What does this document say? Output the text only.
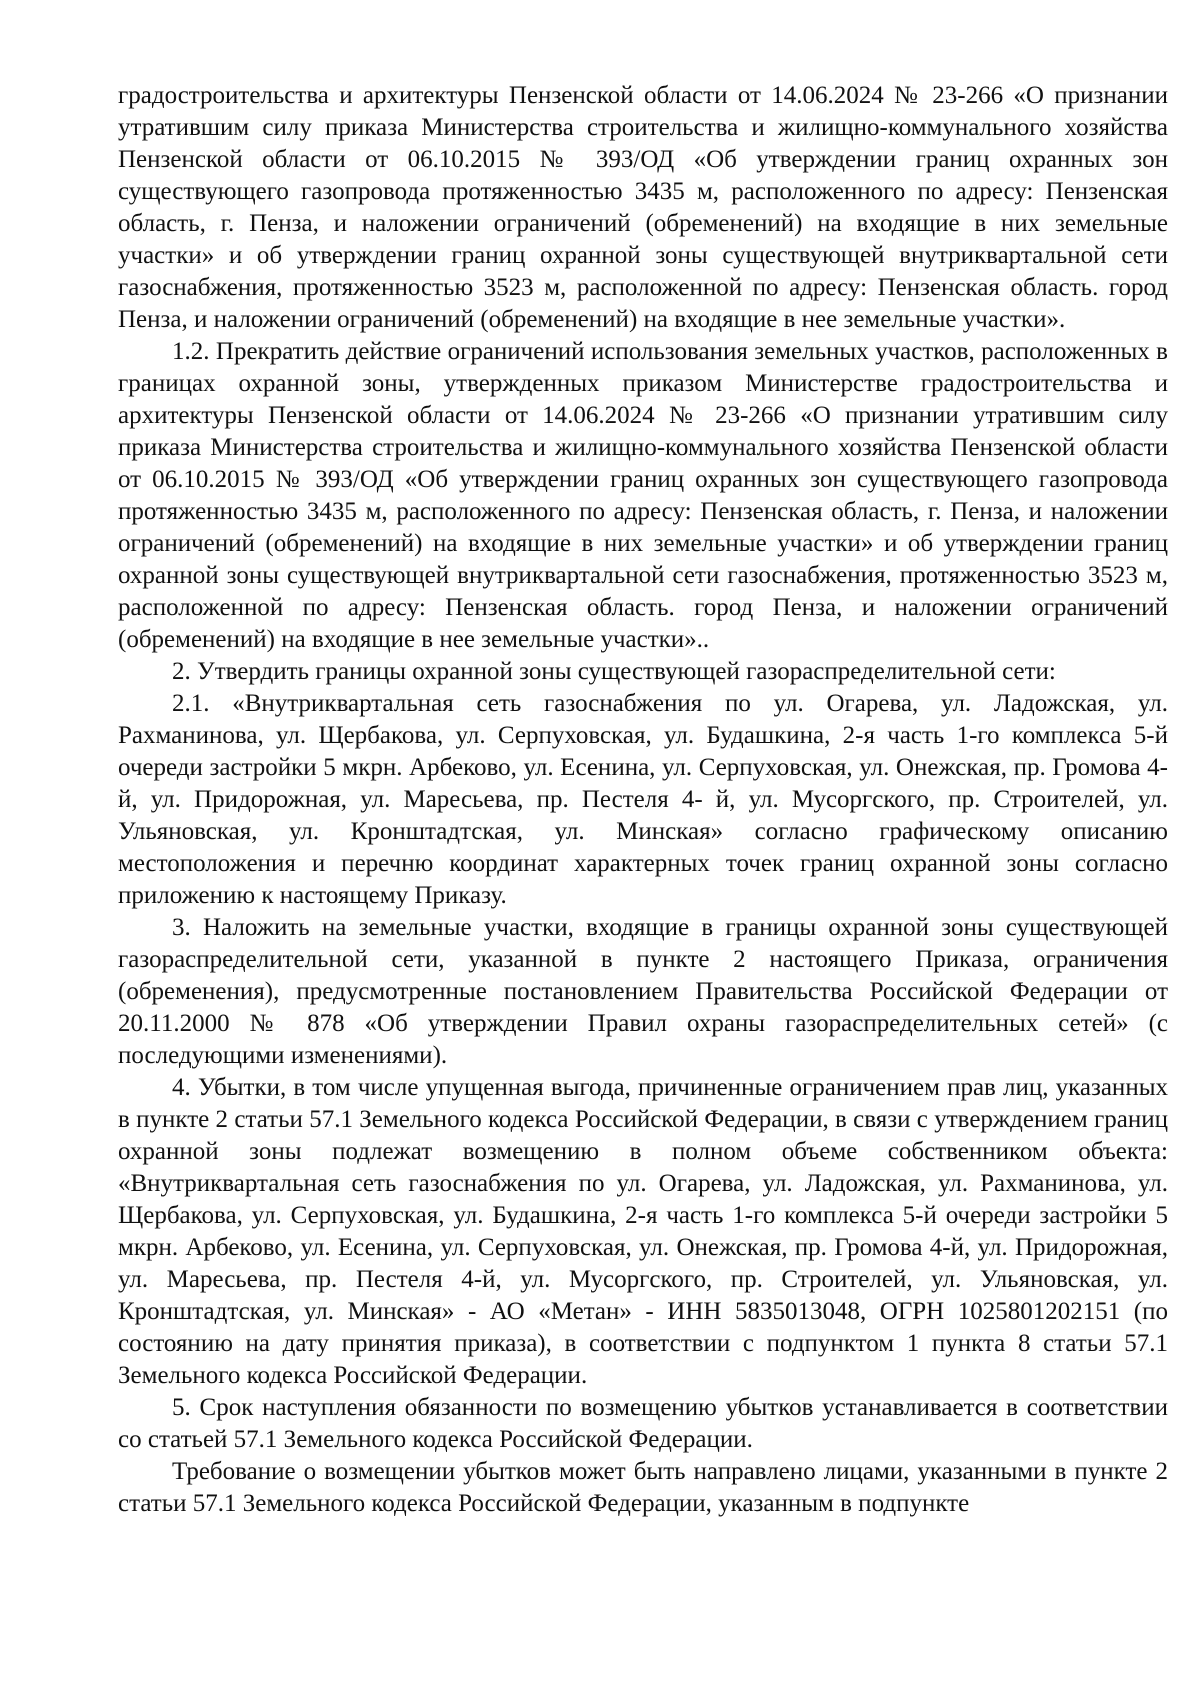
градостроительства и архитектуры Пензенской области от 14.06.2024 № 23-266 «О признании утратившим силу приказа Министерства строительства и жилищно-коммунального хозяйства Пензенской области от 06.10.2015 № 393/ОД «Об утверждении границ охранных зон существующего газопровода протяженностью 3435 м, расположенного по адресу: Пензенская область, г. Пенза, и наложении ограничений (обременений) на входящие в них земельные участки» и об утверждении границ охранной зоны существующей внутриквартальной сети газоснабжения, протяженностью 3523 м, расположенной по адресу: Пензенская область. город Пенза, и наложении ограничений (обременений) на входящие в нее земельные участки».

1.2. Прекратить действие ограничений использования земельных участков, расположенных в границах охранной зоны, утвержденных приказом Министерстве градостроительства и архитектуры Пензенской области от 14.06.2024 № 23-266 «О признании утратившим силу приказа Министерства строительства и жилищно-коммунального хозяйства Пензенской области от 06.10.2015 № 393/ОД «Об утверждении границ охранных зон существующего газопровода протяженностью 3435 м, расположенного по адресу: Пензенская область, г. Пенза, и наложении ограничений (обременений) на входящие в них земельные участки» и об утверждении границ охранной зоны существующей внутриквартальной сети газоснабжения, протяженностью 3523 м, расположенной по адресу: Пензенская область. город Пенза, и наложении ограничений (обременений) на входящие в нее земельные участки»..

2. Утвердить границы охранной зоны существующей газораспределительной сети:

2.1. «Внутриквартальная сеть газоснабжения по ул. Огарева, ул. Ладожская, ул. Рахманинова, ул. Щербакова, ул. Серпуховская, ул. Будашкина, 2-я часть 1-го комплекса 5-й очереди застройки 5 мкрн. Арбеково, ул. Есенина, ул. Серпуховская, ул. Онежская, пр. Громова 4-й, ул. Придорожная, ул. Маресьева, пр. Пестеля 4- й, ул. Мусоргского, пр. Строителей, ул. Ульяновская, ул. Кронштадтская, ул. Минская» согласно графическому описанию местоположения и перечню координат характерных точек границ охранной зоны согласно приложению к настоящему Приказу.

3. Наложить на земельные участки, входящие в границы охранной зоны существующей газораспределительной сети, указанной в пункте 2 настоящего Приказа, ограничения (обременения), предусмотренные постановлением Правительства Российской Федерации от 20.11.2000 № 878 «Об утверждении Правил охраны газораспределительных сетей» (с последующими изменениями).

4. Убытки, в том числе упущенная выгода, причиненные ограничением прав лиц, указанных в пункте 2 статьи 57.1 Земельного кодекса Российской Федерации, в связи с утверждением границ охранной зоны подлежат возмещению в полном объеме собственником объекта: «Внутриквартальная сеть газоснабжения по ул. Огарева, ул. Ладожская, ул. Рахманинова, ул. Щербакова, ул. Серпуховская, ул. Будашкина, 2-я часть 1-го комплекса 5-й очереди застройки 5 мкрн. Арбеково, ул. Есенина, ул. Серпуховская, ул. Онежская, пр. Громова 4-й, ул. Придорожная, ул. Маресьева, пр. Пестеля 4-й, ул. Мусоргского, пр. Строителей, ул. Ульяновская, ул. Кронштадтская, ул. Минская» - АО «Метан» - ИНН 5835013048, ОГРН 1025801202151 (по состоянию на дату принятия приказа), в соответствии с подпунктом 1 пункта 8 статьи 57.1 Земельного кодекса Российской Федерации.

5. Срок наступления обязанности по возмещению убытков устанавливается в соответствии со статьей 57.1 Земельного кодекса Российской Федерации.

Требование о возмещении убытков может быть направлено лицами, указанными в пункте 2 статьи 57.1 Земельного кодекса Российской Федерации, указанным в подпункте
